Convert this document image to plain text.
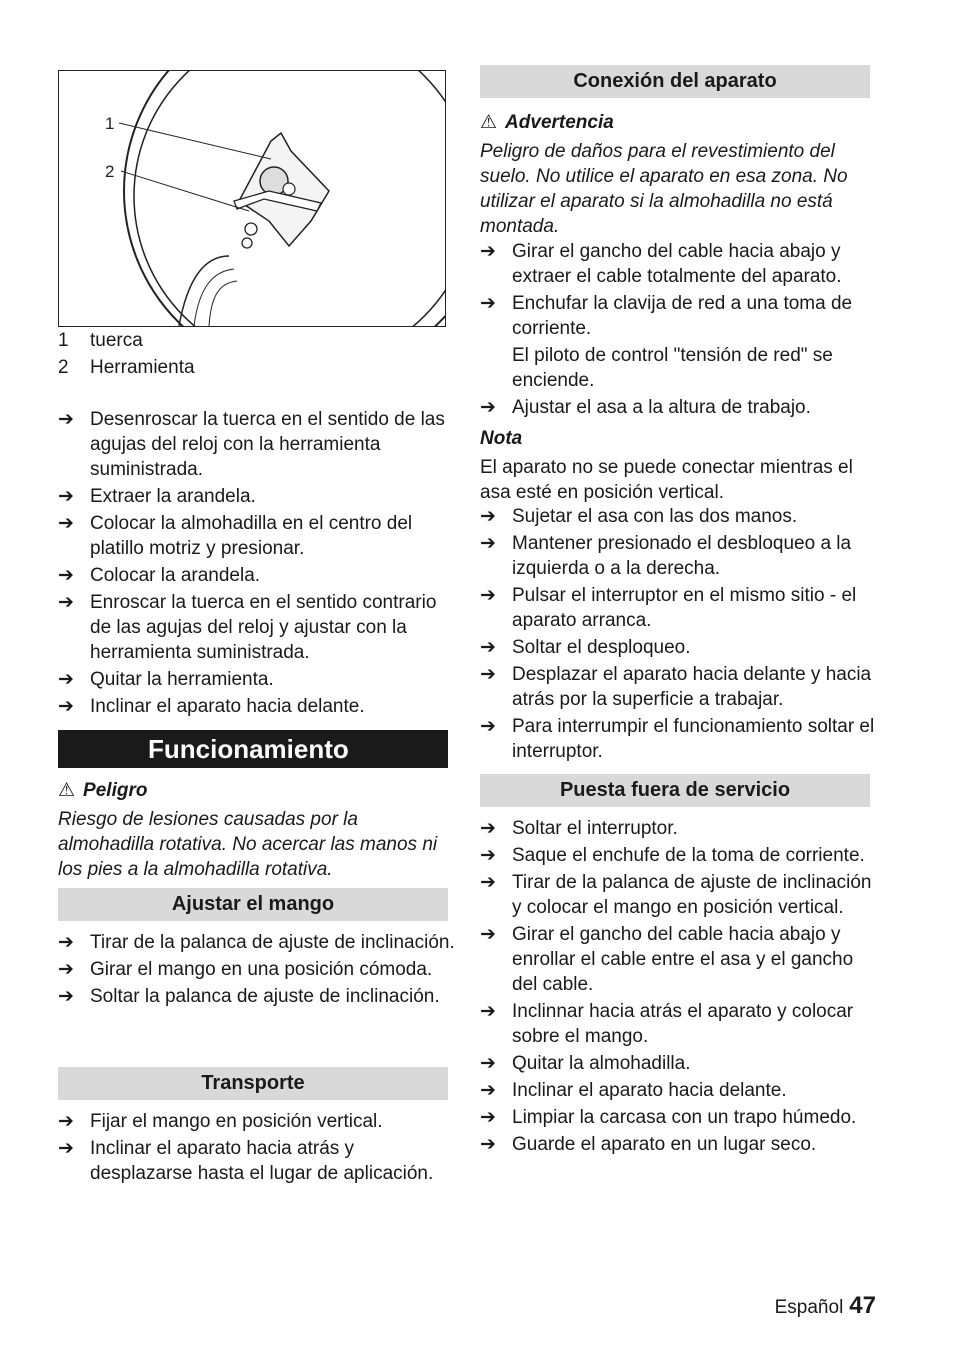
1
2
1	tuerca
2	Herramienta
➔ Desenroscar la tuerca en el sentido de las agujas del reloj con la herramienta suministrada.
➔ Extraer la arandela.
➔ Colocar la almohadilla en el centro del platillo motriz y presionar.
➔ Colocar la arandela.
➔ Enroscar la tuerca en el sentido contrario de las agujas del reloj y ajustar con la herramienta suministrada.
➔ Quitar la herramienta.
➔ Inclinar el aparato hacia delante.
Funcionamiento
⚠ Peligro
Riesgo de lesiones causadas por la almohadilla rotativa. No acercar las manos ni los pies a la almohadilla rotativa.
Ajustar el mango
➔ Tirar de la palanca de ajuste de inclinación.
➔ Girar el mango en una posición cómoda.
➔ Soltar la palanca de ajuste de inclinación.
Transporte
➔ Fijar el mango en posición vertical.
➔ Inclinar el aparato hacia atrás y desplazarse hasta el lugar de aplicación.
Conexión del aparato
⚠ Advertencia
Peligro de daños para el revestimiento del suelo. No utilice el aparato en esa zona. No utilizar el aparato si la almohadilla no está montada.
➔ Girar el gancho del cable hacia abajo y extraer el cable totalmente del aparato.
➔ Enchufar la clavija de red a una toma de corriente.
El piloto de control "tensión de red" se enciende.
➔ Ajustar el asa a la altura de trabajo.
Nota
El aparato no se puede conectar mientras el asa esté en posición vertical.
➔ Sujetar el asa con las dos manos.
➔ Mantener presionado el desbloqueo a la izquierda o a la derecha.
➔ Pulsar el interruptor en el mismo sitio - el aparato arranca.
➔ Soltar el desploqueo.
➔ Desplazar el aparato hacia delante y hacia atrás por la superficie a trabajar.
➔ Para interrumpir el funcionamiento soltar el interruptor.
Puesta fuera de servicio
➔ Soltar el interruptor.
➔ Saque el enchufe de la toma de corriente.
➔ Tirar de la palanca de ajuste de inclinación y colocar el mango en posición vertical.
➔ Girar el gancho del cable hacia abajo y enrollar el cable entre el asa y el gancho del cable.
➔ Inclinnar hacia atrás el aparato y colocar sobre el mango.
➔ Quitar la almohadilla.
➔ Inclinar el aparato hacia delante.
➔ Limpiar la carcasa con un trapo húmedo.
➔ Guarde el aparato en un lugar seco.
Español 47
